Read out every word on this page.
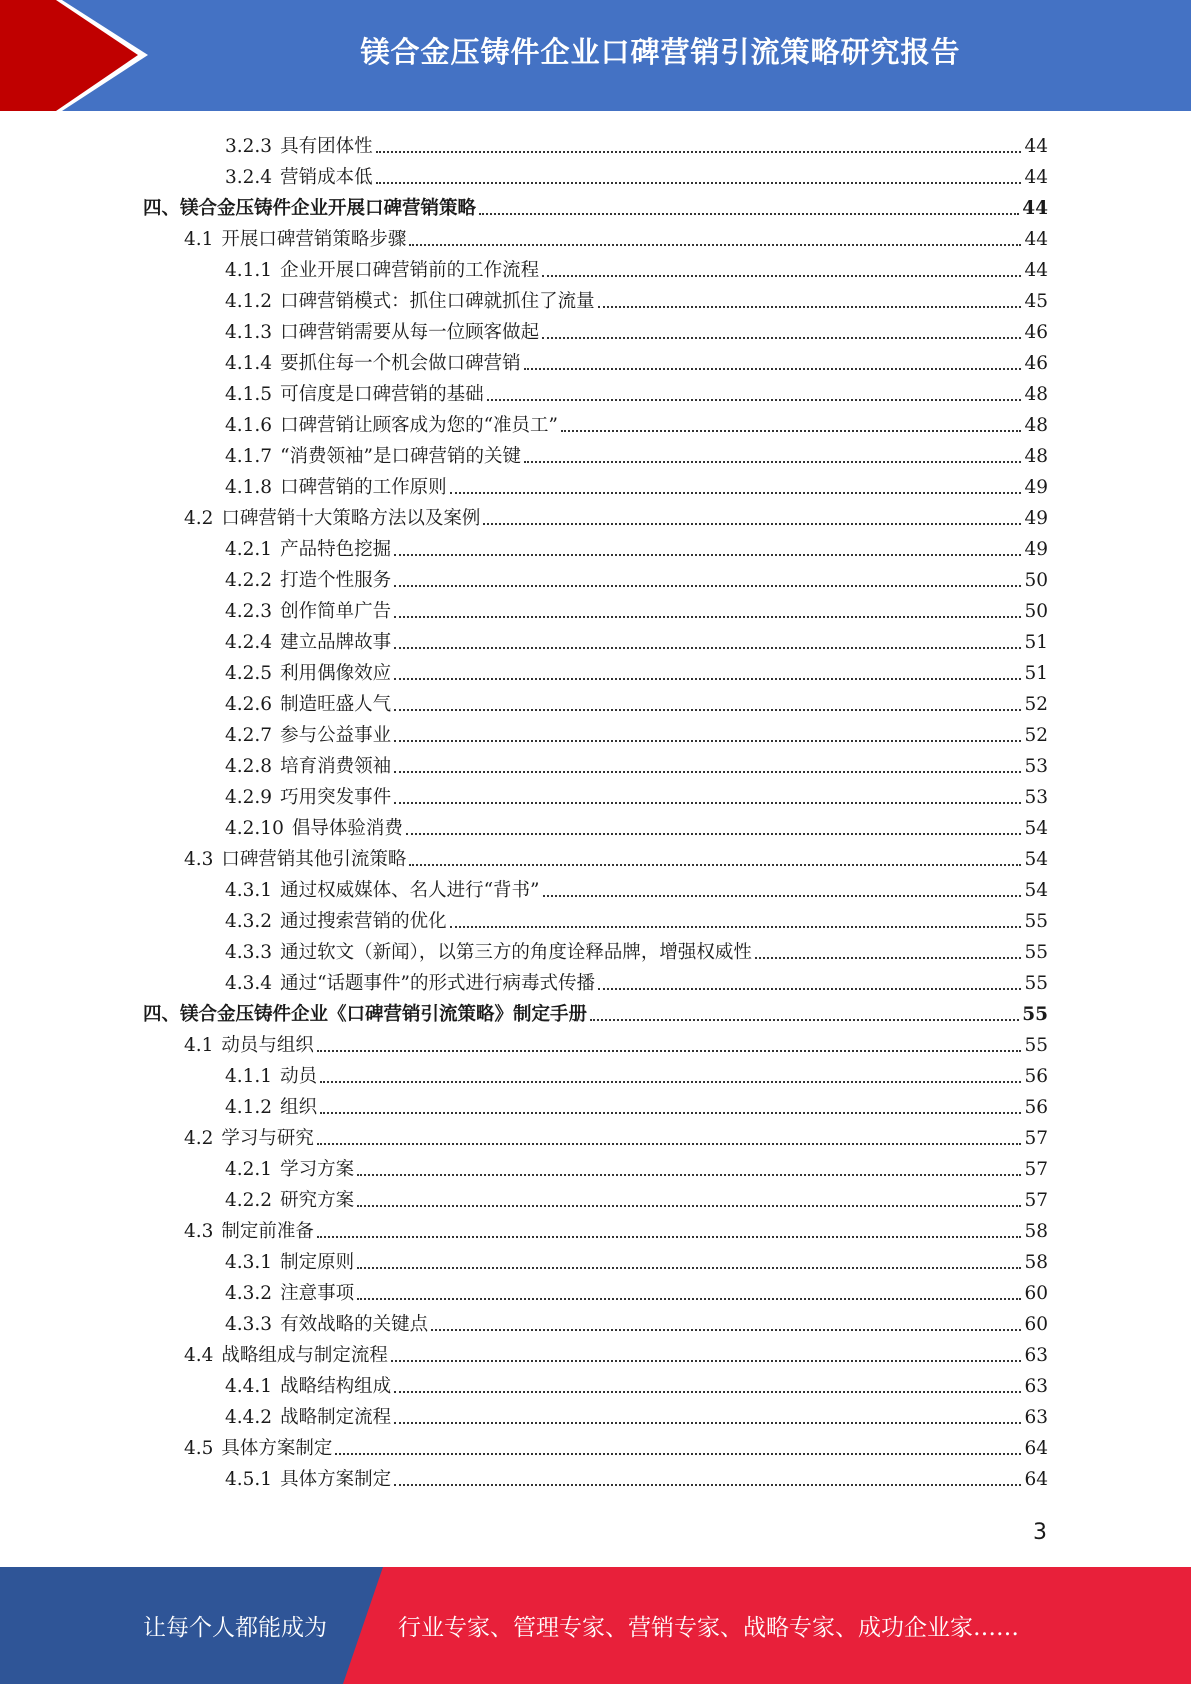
镁合金压铸件企业口碑营销引流策略研究报告
3.2.3 具有团体性	44
3.2.4 营销成本低	44
四、 镁合金压铸件企业开展口碑营销策略	44
4.1 开展口碑营销策略步骤	44
4.1.1 企业开展口碑营销前的工作流程	44
4.1.2 口碑营销模式：抓住口碑就抓住了流量	45
4.1.3 口碑营销需要从每一位顾客做起	46
4.1.4 要抓住每一个机会做口碑营销	46
4.1.5 可信度是口碑营销的基础	48
4.1.6 口碑营销让顾客成为您的“准员工”	48
4.1.7 “消费领袖”是口碑营销的关键	48
4.1.8 口碑营销的工作原则	49
4.2 口碑营销十大策略方法以及案例	49
4.2.1 产品特色挖掘	49
4.2.2 打造个性服务	50
4.2.3 创作简单广告	50
4.2.4 建立品牌故事	51
4.2.5 利用偶像效应	51
4.2.6 制造旺盛人气	52
4.2.7 参与公益事业	52
4.2.8 培育消费领袖	53
4.2.9 巧用突发事件	53
4.2.10 倡导体验消费	54
4.3 口碑营销其他引流策略	54
4.3.1 通过权威媒体、名人进行“背书”	54
4.3.2 通过搜索营销的优化	55
4.3.3 通过软文（新闻），以第三方的角度诠释品牌，增强权威性	55
4.3.4 通过“话题事件”的形式进行病毒式传播	55
四、 镁合金压铸件企业《口碑营销引流策略》制定手册	55
4.1 动员与组织	55
4.1.1 动员	56
4.1.2 组织	56
4.2 学习与研究	57
4.2.1 学习方案	57
4.2.2 研究方案	57
4.3 制定前准备	58
4.3.1 制定原则	58
4.3.2 注意事项	60
4.3.3 有效战略的关键点	60
4.4 战略组成与制定流程	63
4.4.1 战略结构组成	63
4.4.2 战略制定流程	63
4.5 具体方案制定	64
4.5.1 具体方案制定	64
3
让每个人都能成为	行业专家、管理专家、营销专家、战略专家、成功企业家……
